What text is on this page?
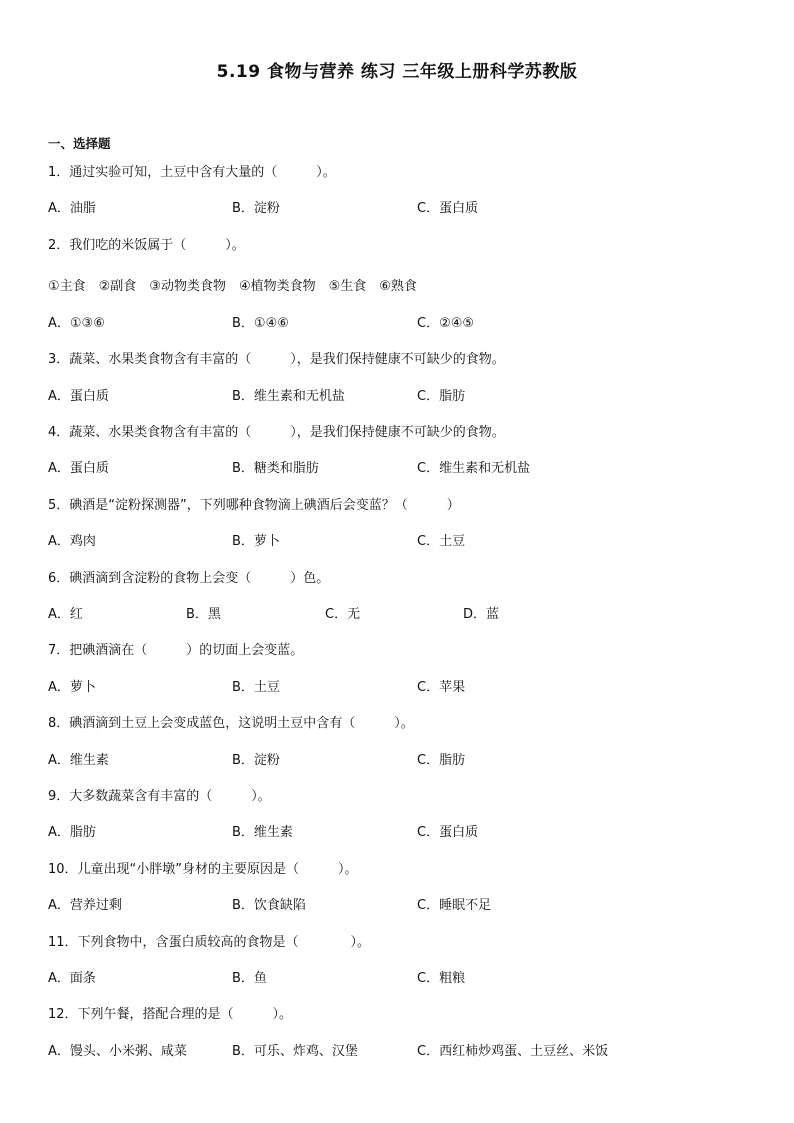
5.19 食物与营养 练习 三年级上册科学苏教版
一、选择题
1．通过实验可知，土豆中含有大量的（　　　）。
A．油脂	B．淀粉	C．蛋白质
2．我们吃的米饭属于（　　　）。
①主食　②副食　③动物类食物　④植物类食物　⑤生食　⑥熟食
A．①③⑥	B．①④⑥	C．②④⑤
3．蔬菜、水果类食物含有丰富的（　　　），是我们保持健康不可缺少的食物。
A．蛋白质	B．维生素和无机盐	C．脂肪
4．蔬菜、水果类食物含有丰富的（　　　），是我们保持健康不可缺少的食物。
A．蛋白质	B．糖类和脂肪	C．维生素和无机盐
5．碘酒是“淀粉探测器”，下列哪种食物滴上碘酒后会变蓝？（　　　）
A．鸡肉	B．萝卜	C．土豆
6．碘酒滴到含淀粉的食物上会变（　　　）色。
A．红	B．黑	C．无	D．蓝
7．把碘酒滴在（　　　）的切面上会变蓝。
A．萝卜	B．土豆	C．苹果
8．碘酒滴到土豆上会变成蓝色，这说明土豆中含有（　　　）。
A．维生素	B．淀粉	C．脂肪
9．大多数蔬菜含有丰富的（　　　）。
A．脂肪	B．维生素	C．蛋白质
10．儿童出现“小胖墩”身材的主要原因是（　　　）。
A．营养过剩	B．饮食缺陷	C．睡眠不足
11．下列食物中，含蛋白质较高的食物是（　　　　）。
A．面条	B．鱼	C．粗粮
12．下列午餐，搭配合理的是（　　　）。
A．馒头、小米粥、咸菜	B．可乐、炸鸡、汉堡	C．西红柿炒鸡蛋、土豆丝、米饭
